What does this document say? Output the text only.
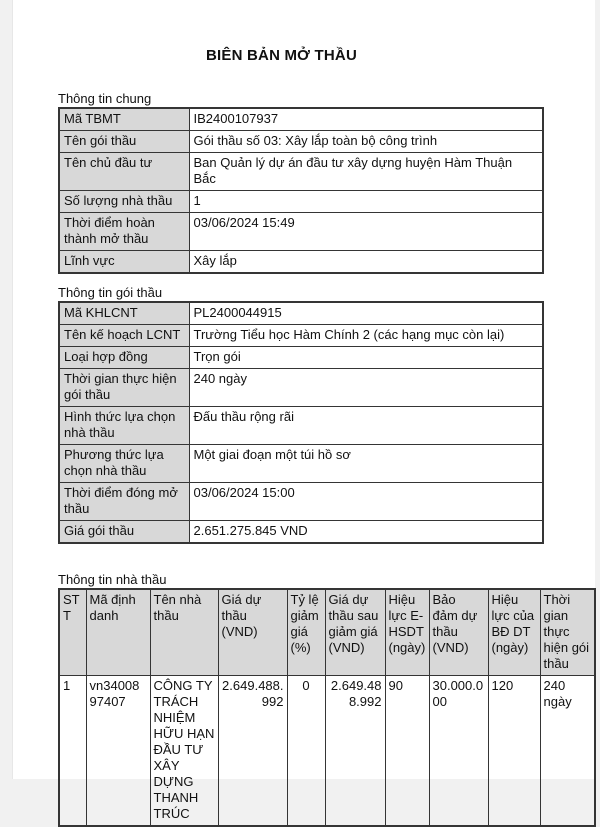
BIÊN BẢN MỞ THẦU

Thông tin chung

Mã TBMT	IB2400107937
Tên gói thầu	Gói thầu số 03: Xây lắp toàn bộ công trình
Tên chủ đầu tư	Ban Quản lý dự án đầu tư xây dựng huyện Hàm Thuận Bắc
Số lượng nhà thầu	1
Thời điểm hoàn thành mở thầu	03/06/2024 15:49
Lĩnh vực	Xây lắp

Thông tin gói thầu

Mã KHLCNT	PL2400044915
Tên kế hoạch LCNT	Trường Tiểu học Hàm Chính 2 (các hạng mục còn lại)
Loại hợp đồng	Trọn gói
Thời gian thực hiện gói thầu	240 ngày
Hình thức lựa chọn nhà thầu	Đấu thầu rộng rãi
Phương thức lựa chọn nhà thầu	Một giai đoạn một túi hồ sơ
Thời điểm đóng mở thầu	03/06/2024 15:00
Giá gói thầu	2.651.275.845 VND

Thông tin nhà thầu

STT	Mã định danh	Tên nhà thầu	Giá dự thầu (VND)	Tỷ lệ giảm giá (%)	Giá dự thầu sau giảm giá (VND)	Hiệu lực E-HSDT (ngày)	Bảo đảm dự thầu (VND)	Hiệu lực của BĐ DT (ngày)	Thời gian thực hiện gói thầu
1	vn3400897407	CÔNG TY TRÁCH NHIỆM HỮU HẠN ĐẦU TƯ XÂY DỰNG THANH TRÚC	2.649.488.992	0	2.649.488.992	90	30.000.000	120	240 ngày
